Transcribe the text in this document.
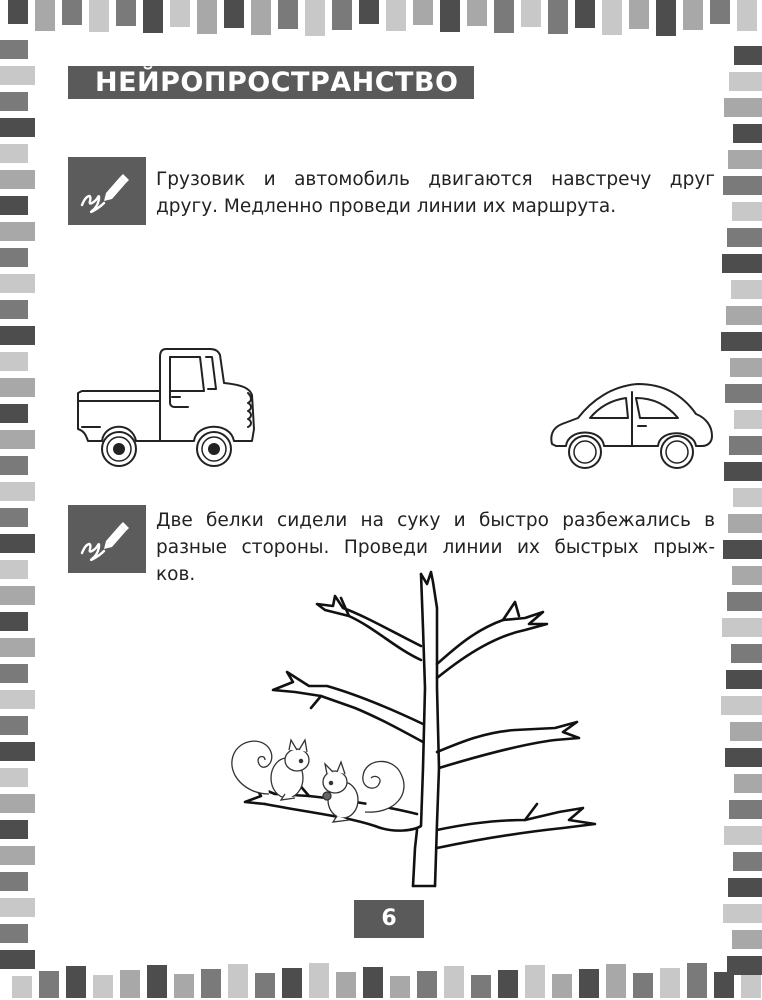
НЕЙРОПРОСТРАНСТВО
Грузовик и автомобиль двигаются навстречу друг
другу. Медленно проведи линии их маршрута.
Две белки сидели на суку и быстро разбежались в
разные стороны. Проведи линии их быстрых прыж-
ков.
6
